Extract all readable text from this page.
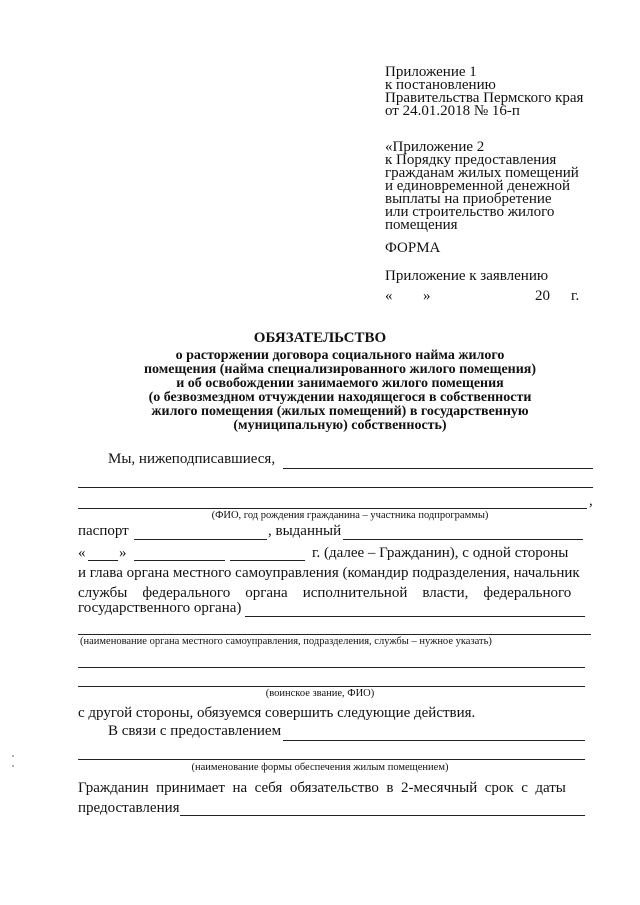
Приложение 1
к постановлению
Правительства Пермского края
от 24.01.2018 № 16-п
«Приложение 2
к Порядку предоставления
гражданам жилых помещений
и единовременной денежной
выплаты на приобретение
или строительство жилого
помещения
ФОРМА
Приложение к заявлению
« »	20 г.
ОБЯЗАТЕЛЬСТВО
о расторжении договора социального найма жилого
помещения (найма специализированного жилого помещения)
и об освобождении занимаемого жилого помещения
(о безвозмездном отчуждении находящегося в собственности
жилого помещения (жилых помещений) в государственную
(муниципальную) собственность)
Мы, нижеподписавшиеся,
,
(ФИО, год рождения гражданина – участника подпрограммы)
паспорт	, выданный
« »	г. (далее – Гражданин), с одной стороны
и глава органа местного самоуправления (командир подразделения, начальник
службы    федерального    органа    исполнительной    власти,    федерального
государственного органа)
(наименование органа местного самоуправления, подразделения, службы – нужное указать)
(воинское звание, ФИО)
с другой стороны, обязуемся совершить следующие действия.
В связи с предоставлением
(наименование формы обеспечения жилым помещением)
Гражданин  принимает  на  себя  обязательство  в  2-месячный  срок  с  даты
предоставления
